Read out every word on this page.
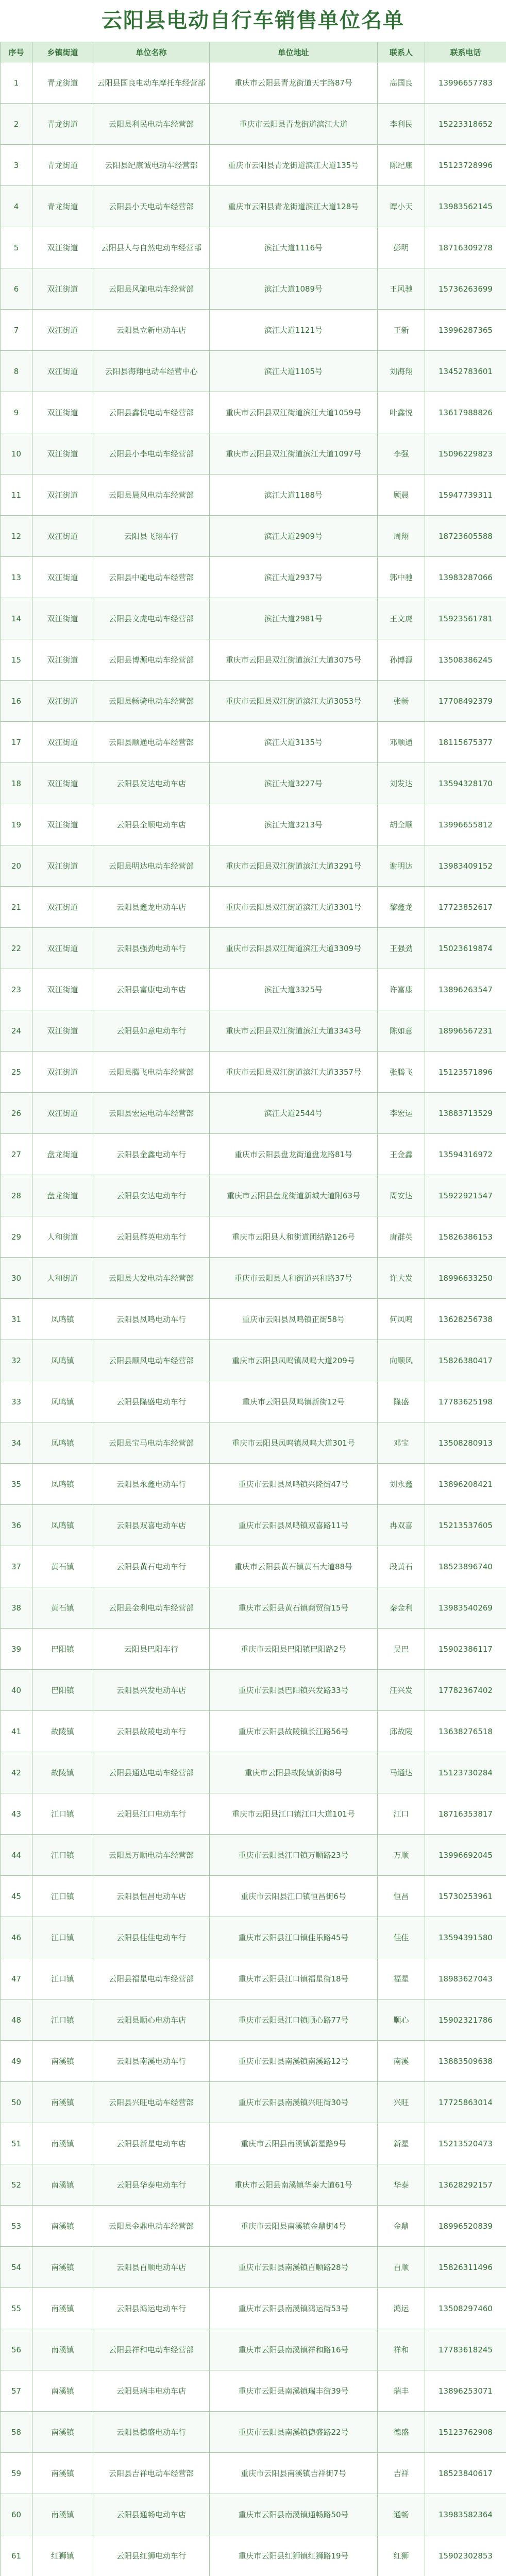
云阳县电动自行车销售单位名单
序号	乡镇街道	单位名称	单位地址	联系人	联系电话
1	青龙街道	云阳县国良电动车摩托车经营部	重庆市云阳县青龙街道天宇路87号	高国良	13996657783
2	青龙街道	云阳县利民电动车经营部	重庆市云阳县青龙街道滨江大道	李利民	15223318652
3	青龙街道	云阳县纪康诚电动车经营部	重庆市云阳县青龙街道滨江大道135号	陈纪康	15123728996
4	青龙街道	云阳县小天电动车经营部	重庆市云阳县青龙街道滨江大道128号	谭小天	13983562145
5	双江街道	云阳县人与自然电动车经营部	滨江大道1116号	彭明	18716309278
6	双江街道	云阳县风驰电动车经营部	滨江大道1089号	王风驰	15736263699
7	双江街道	云阳县立新电动车店	滨江大道1121号	王新	13996287365
8	双江街道	云阳县海翔电动车经营中心	滨江大道1105号	刘海翔	13452783601
9	双江街道	云阳县鑫悦电动车经营部	重庆市云阳县双江街道滨江大道1059号	叶鑫悦	13617988826
10	双江街道	云阳县小李电动车经营部	重庆市云阳县双江街道滨江大道1097号	李强	15096229823
11	双江街道	云阳县晨风电动车经营部	滨江大道1188号	顾晨	15947739311
12	双江街道	云阳县飞翔车行	滨江大道2909号	周翔	18723605588
13	双江街道	云阳县中驰电动车经营部	滨江大道2937号	郭中驰	13983287066
14	双江街道	云阳县文虎电动车经营部	滨江大道2981号	王文虎	15923561781
15	双江街道	云阳县博源电动车经营部	重庆市云阳县双江街道滨江大道3075号	孙博源	13508386245
16	双江街道	云阳县畅骑电动车经营部	重庆市云阳县双江街道滨江大道3053号	张畅	17708492379
17	双江街道	云阳县顺通电动车经营部	滨江大道3135号	邓顺通	18115675377
18	双江街道	云阳县发达电动车店	滨江大道3227号	刘发达	13594328170
19	双江街道	云阳县全顺电动车店	滨江大道3213号	胡全顺	13996655812
20	双江街道	云阳县明达电动车经营部	重庆市云阳县双江街道滨江大道3291号	谢明达	13983409152
21	双江街道	云阳县鑫龙电动车店	重庆市云阳县双江街道滨江大道3301号	黎鑫龙	17723852617
22	双江街道	云阳县强劲电动车行	重庆市云阳县双江街道滨江大道3309号	王强劲	15023619874
23	双江街道	云阳县富康电动车店	滨江大道3325号	许富康	13896263547
24	双江街道	云阳县如意电动车行	重庆市云阳县双江街道滨江大道3343号	陈如意	18996567231
25	双江街道	云阳县腾飞电动车经营部	重庆市云阳县双江街道滨江大道3357号	张腾飞	15123571896
26	双江街道	云阳县宏运电动车经营部	滨江大道2544号	李宏运	13883713529
27	盘龙街道	云阳县金鑫电动车行	重庆市云阳县盘龙街道盘龙路81号	王金鑫	13594316972
28	盘龙街道	云阳县安达电动车行	重庆市云阳县盘龙街道新城大道附63号	周安达	15922921547
29	人和街道	云阳县群英电动车行	重庆市云阳县人和街道团结路126号	唐群英	15826386153
30	人和街道	云阳县大发电动车经营部	重庆市云阳县人和街道兴和路37号	许大发	18996633250
31	凤鸣镇	云阳县凤鸣电动车行	重庆市云阳县凤鸣镇正街58号	何凤鸣	13628256738
32	凤鸣镇	云阳县顺风电动车经营部	重庆市云阳县凤鸣镇凤鸣大道209号	向顺风	15826380417
33	凤鸣镇	云阳县隆盛电动车行	重庆市云阳县凤鸣镇新街12号	隆盛	17783625198
34	凤鸣镇	云阳县宝马电动车经营部	重庆市云阳县凤鸣镇凤鸣大道301号	邓宝	13508280913
35	凤鸣镇	云阳县永鑫电动车行	重庆市云阳县凤鸣镇兴隆街47号	刘永鑫	13896208421
36	凤鸣镇	云阳县双喜电动车店	重庆市云阳县凤鸣镇双喜路11号	冉双喜	15213537605
37	黄石镇	云阳县黄石电动车行	重庆市云阳县黄石镇黄石大道88号	段黄石	18523896740
38	黄石镇	云阳县金利电动车经营部	重庆市云阳县黄石镇商贸街15号	秦金利	13983540269
39	巴阳镇	云阳县巴阳车行	重庆市云阳县巴阳镇巴阳路2号	吴巴	15902386117
40	巴阳镇	云阳县兴发电动车店	重庆市云阳县巴阳镇兴发路33号	汪兴发	17782367402
41	故陵镇	云阳县故陵电动车行	重庆市云阳县故陵镇长江路56号	邱故陵	13638276518
42	故陵镇	云阳县通达电动车经营部	重庆市云阳县故陵镇新街8号	马通达	15123730284
43	江口镇	云阳县江口电动车行	重庆市云阳县江口镇江口大道101号	江口	18716353817
44	江口镇	云阳县万顺电动车经营部	重庆市云阳县江口镇万顺路23号	万顺	13996692045
45	江口镇	云阳县恒昌电动车店	重庆市云阳县江口镇恒昌街6号	恒昌	15730253961
46	江口镇	云阳县佳佳电动车行	重庆市云阳县江口镇佳乐路45号	佳佳	13594391580
47	江口镇	云阳县福星电动车经营部	重庆市云阳县江口镇福星街18号	福星	18983627043
48	江口镇	云阳县顺心电动车店	重庆市云阳县江口镇顺心路77号	顺心	15902321786
49	南溪镇	云阳县南溪电动车行	重庆市云阳县南溪镇南溪路12号	南溪	13883509638
50	南溪镇	云阳县兴旺电动车经营部	重庆市云阳县南溪镇兴旺街30号	兴旺	17725863014
51	南溪镇	云阳县新星电动车店	重庆市云阳县南溪镇新星路9号	新星	15213520473
52	南溪镇	云阳县华泰电动车行	重庆市云阳县南溪镇华泰大道61号	华泰	13628292157
53	南溪镇	云阳县金鼎电动车经营部	重庆市云阳县南溪镇金鼎街4号	金鼎	18996520839
54	南溪镇	云阳县百顺电动车店	重庆市云阳县南溪镇百顺路28号	百顺	15826311496
55	南溪镇	云阳县鸿运电动车行	重庆市云阳县南溪镇鸿运街53号	鸿运	13508297460
56	南溪镇	云阳县祥和电动车经营部	重庆市云阳县南溪镇祥和路16号	祥和	17783618245
57	南溪镇	云阳县瑞丰电动车店	重庆市云阳县南溪镇瑞丰街39号	瑞丰	13896253071
58	南溪镇	云阳县德盛电动车行	重庆市云阳县南溪镇德盛路22号	德盛	15123762908
59	南溪镇	云阳县吉祥电动车经营部	重庆市云阳县南溪镇吉祥街7号	吉祥	18523840617
60	南溪镇	云阳县通畅电动车店	重庆市云阳县南溪镇通畅路50号	通畅	13983582364
61	红狮镇	云阳县红狮电动车行	重庆市云阳县红狮镇红狮路19号	红狮	15902302853
